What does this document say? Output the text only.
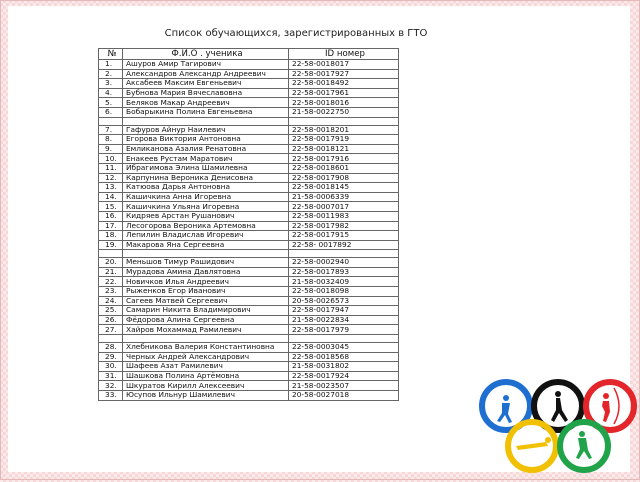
Список обучающихся, зарегистрированных в ГТО
№	Ф.И.О . ученика	ID номер
1.	Ашуров Амир Тагирович	22-58-0018017
2.	Александров Александр Андреевич	22-58-0017927
3.	Аксабеев Максим Евгеньевич	22-58-0018492
4.	Бубнова Мария Вячеславовна	22-58-0017961
5.	Беляков Макар Андреевич	22-58-0018016
6.	Бобарыкина Полина Евгеньевна	21-58-0022750

7.	Гафуров Айнур Наилевич	22-58-0018201
8.	Егорова Виктория Антоновна	22-58-0017919
9.	Емликанова Азалия Ренатовна	22-58-0018121
10.	Енакеев Рустам Маратович	22-58-0017916
11.	Ибрагимова Элина Шамилевна	22-58-0018601
12.	Карпунина Вероника Денисовна	22-58-0017908
13.	Катюова Дарья Антоновна	22-58-0018145
14.	Кашичкина Анна Игоревна	21-58-0006339
15.	Кашичкина Ульяна Игоревна	22-58-0007017
16.	Кидряев Арстан Рушанович	22-58-0011983
17.	Лесогорова Вероника Артемовна	22-58-0017982
18.	Лепилин Владислав Игоревич	22-58-0017915
19.	Макарова Яна Сергеевна	22-58- 0017892

20.	Меньшов Тимур Рашидович	22-58-0002940
21.	Мурадова Амина Давлятовна	22-58-0017893
22.	Новичков Илья Андреевич	21-58-0032409
23.	Рыженков Егор Иванович	22-58-0018098
24.	Сагеев Матвей Сергеевич	20-58-0026573
25.	Самарин Никита Владимирович	22-58-0017947
26.	Фёдорова Алина Сергеевна	21-58-0022834
27.	Хайров Мохаммад Рамилевич	22-58-0017979

28.	Хлебникова Валерия Константиновна	22-58-0003045
29.	Черных Андрей Александрович	22-58-0018568
30.	Шафеев Азат Рамилевич	21-58-0031802
31.	Шашкова Полина Артёмовна	22-58-0017924
32.	Шкуратов Кирилл Алексеевич	21-58-0023507
33.	Юсупов Ильнур Шамилевич	20-58-0027018
